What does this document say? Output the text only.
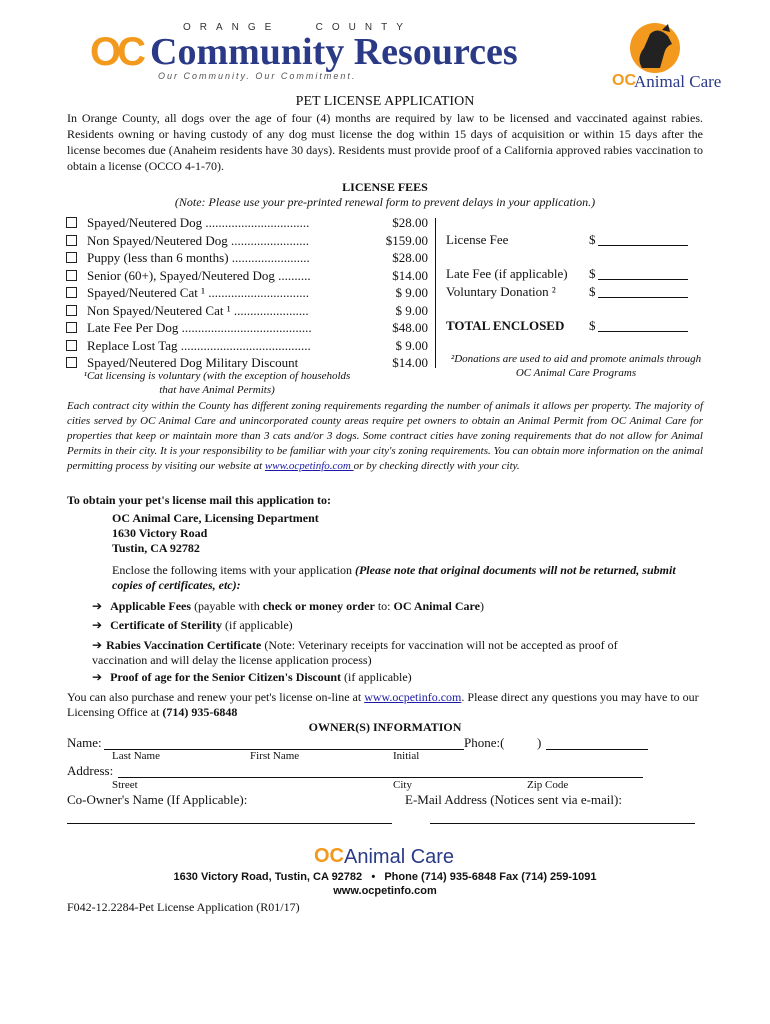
ORANGE   COUNTY
OC Community Resources
Our Community. Our Commitment.	OC
Animal Care
PET LICENSE APPLICATION
In Orange County, all dogs over the age of four (4) months are required by law to be licensed and vaccinated against rabies. Residents owning or having custody of any dog must license the dog within 15 days of acquisition or within 15 days after the license becomes due (Anaheim residents have 30 days). Residents must provide proof of a California approved rabies vaccination to obtain a license (OCCO 4-1-70).
LICENSE FEES
(Note: Please use your pre-printed renewal form to prevent delays in your application.)
Spayed/Neutered Dog ................................	$28.00
Non Spayed/Neutered Dog ........................	$159.00
Puppy (less than 6 months) ........................	$28.00
Senior (60+), Spayed/Neutered Dog ..........	$14.00
Spayed/Neutered Cat ¹ ...............................	$ 9.00
Non Spayed/Neutered Cat ¹ .......................	$ 9.00
Late Fee Per Dog ........................................	$48.00
Replace Lost Tag ........................................	$ 9.00
Spayed/Neutered Dog Military Discount	$14.00
¹Cat licensing is voluntary (with the exception of households that have Animal Permits)
License Fee	$
Late Fee (if applicable) $
Voluntary Donation ²	$
TOTAL ENCLOSED $
²Donations are used to aid and promote animals through OC Animal Care Programs
Each contract city within the County has different zoning requirements regarding the number of animals it allows per property. The majority of cities served by OC Animal Care and unincorporated county areas require pet owners to obtain an Animal Permit from OC Animal Care for properties that keep or maintain more than 3 cats and/or 3 dogs. Some contract cities have zoning requirements that do not allow for Animal Permits in their city. It is your responsibility to be familiar with your city's zoning requirements. You can obtain more information on the animal permitting process by visiting our website at www.ocpetinfo.com or by checking directly with your city.
To obtain your pet's license mail this application to:
OC Animal Care, Licensing Department
1630 Victory Road
Tustin, CA 92782
Enclose the following items with your application (Please note that original documents will not be returned, submit copies of certificates, etc):
➔ Applicable Fees (payable with check or money order to: OC Animal Care)
➔ Certificate of Sterility (if applicable)
➔ Rabies Vaccination Certificate (Note: Veterinary receipts for vaccination will not be accepted as proof of vaccination and will delay the license application process)
➔ Proof of age for the Senior Citizen's Discount (if applicable)
You can also purchase and renew your pet's license on-line at www.ocpetinfo.com. Please direct any questions you may have to our Licensing Office at (714) 935-6848
OWNER(S) INFORMATION
Name:	Phone:(	)
Last Name	First Name	Initial
Address:
Street	City	Zip Code
Co-Owner's Name (If Applicable):	E-Mail Address (Notices sent via e-mail):
OC Animal Care
1630 Victory Road, Tustin, CA 92782   •   Phone (714) 935-6848 Fax (714) 259-1091
www.ocpetinfo.com
F042-12.2284-Pet License Application (R01/17)
